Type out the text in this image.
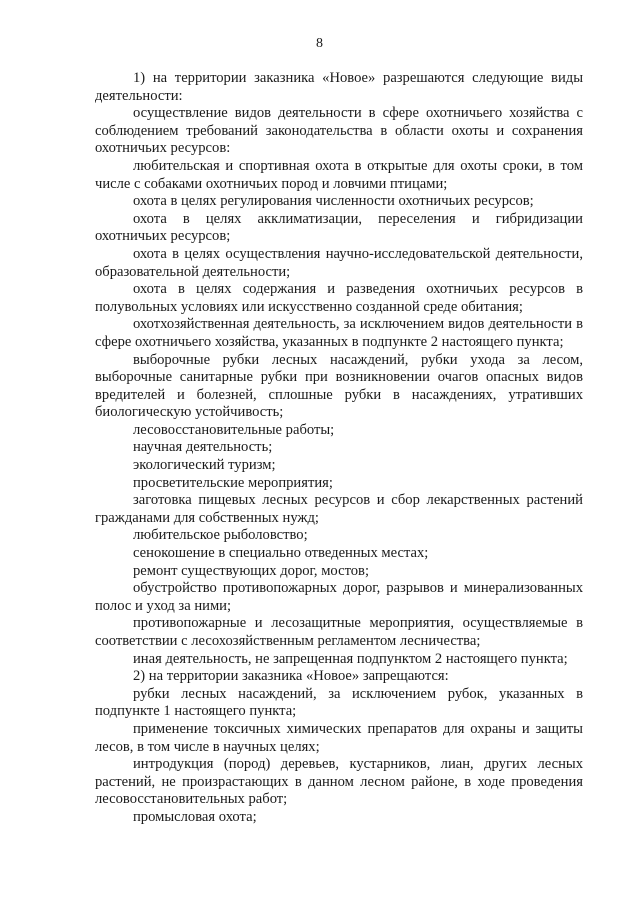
8

1) на территории заказника «Новое» разрешаются следующие виды деятельности:

осуществление видов деятельности в сфере охотничьего хозяйства с соблюдением требований законодательства в области охоты и сохранения охотничьих ресурсов:

любительская и спортивная охота в открытые для охоты сроки, в том числе с собаками охотничьих пород и ловчими птицами;

охота в целях регулирования численности охотничьих ресурсов;

охота в целях акклиматизации, переселения и гибридизации охотничьих ресурсов;

охота в целях осуществления научно-исследовательской деятельности, образовательной деятельности;

охота в целях содержания и разведения охотничьих ресурсов в полувольных условиях или искусственно созданной среде обитания;

охотхозяйственная деятельность, за исключением видов деятельности в сфере охотничьего хозяйства, указанных в подпункте 2 настоящего пункта;

выборочные рубки лесных насаждений, рубки ухода за лесом, выборочные санитарные рубки при возникновении очагов опасных видов вредителей и болезней, сплошные рубки в насаждениях, утративших биологическую устойчивость;

лесовосстановительные работы;

научная деятельность;

экологический туризм;

просветительские мероприятия;

заготовка пищевых лесных ресурсов и сбор лекарственных растений гражданами для собственных нужд;

любительское рыболовство;

сенокошение в специально отведенных местах;

ремонт существующих дорог, мостов;

обустройство противопожарных дорог, разрывов и минерализованных полос и уход за ними;

противопожарные и лесозащитные мероприятия, осуществляемые в соответствии с лесохозяйственным регламентом лесничества;

иная деятельность, не запрещенная подпунктом 2 настоящего пункта;

2) на территории заказника «Новое» запрещаются:

рубки лесных насаждений, за исключением рубок, указанных в подпункте 1 настоящего пункта;

применение токсичных химических препаратов для охраны и защиты лесов, в том числе в научных целях;

интродукция (пород) деревьев, кустарников, лиан, других лесных растений, не произрастающих в данном лесном районе, в ходе проведения лесовосстановительных работ;

промысловая охота;
